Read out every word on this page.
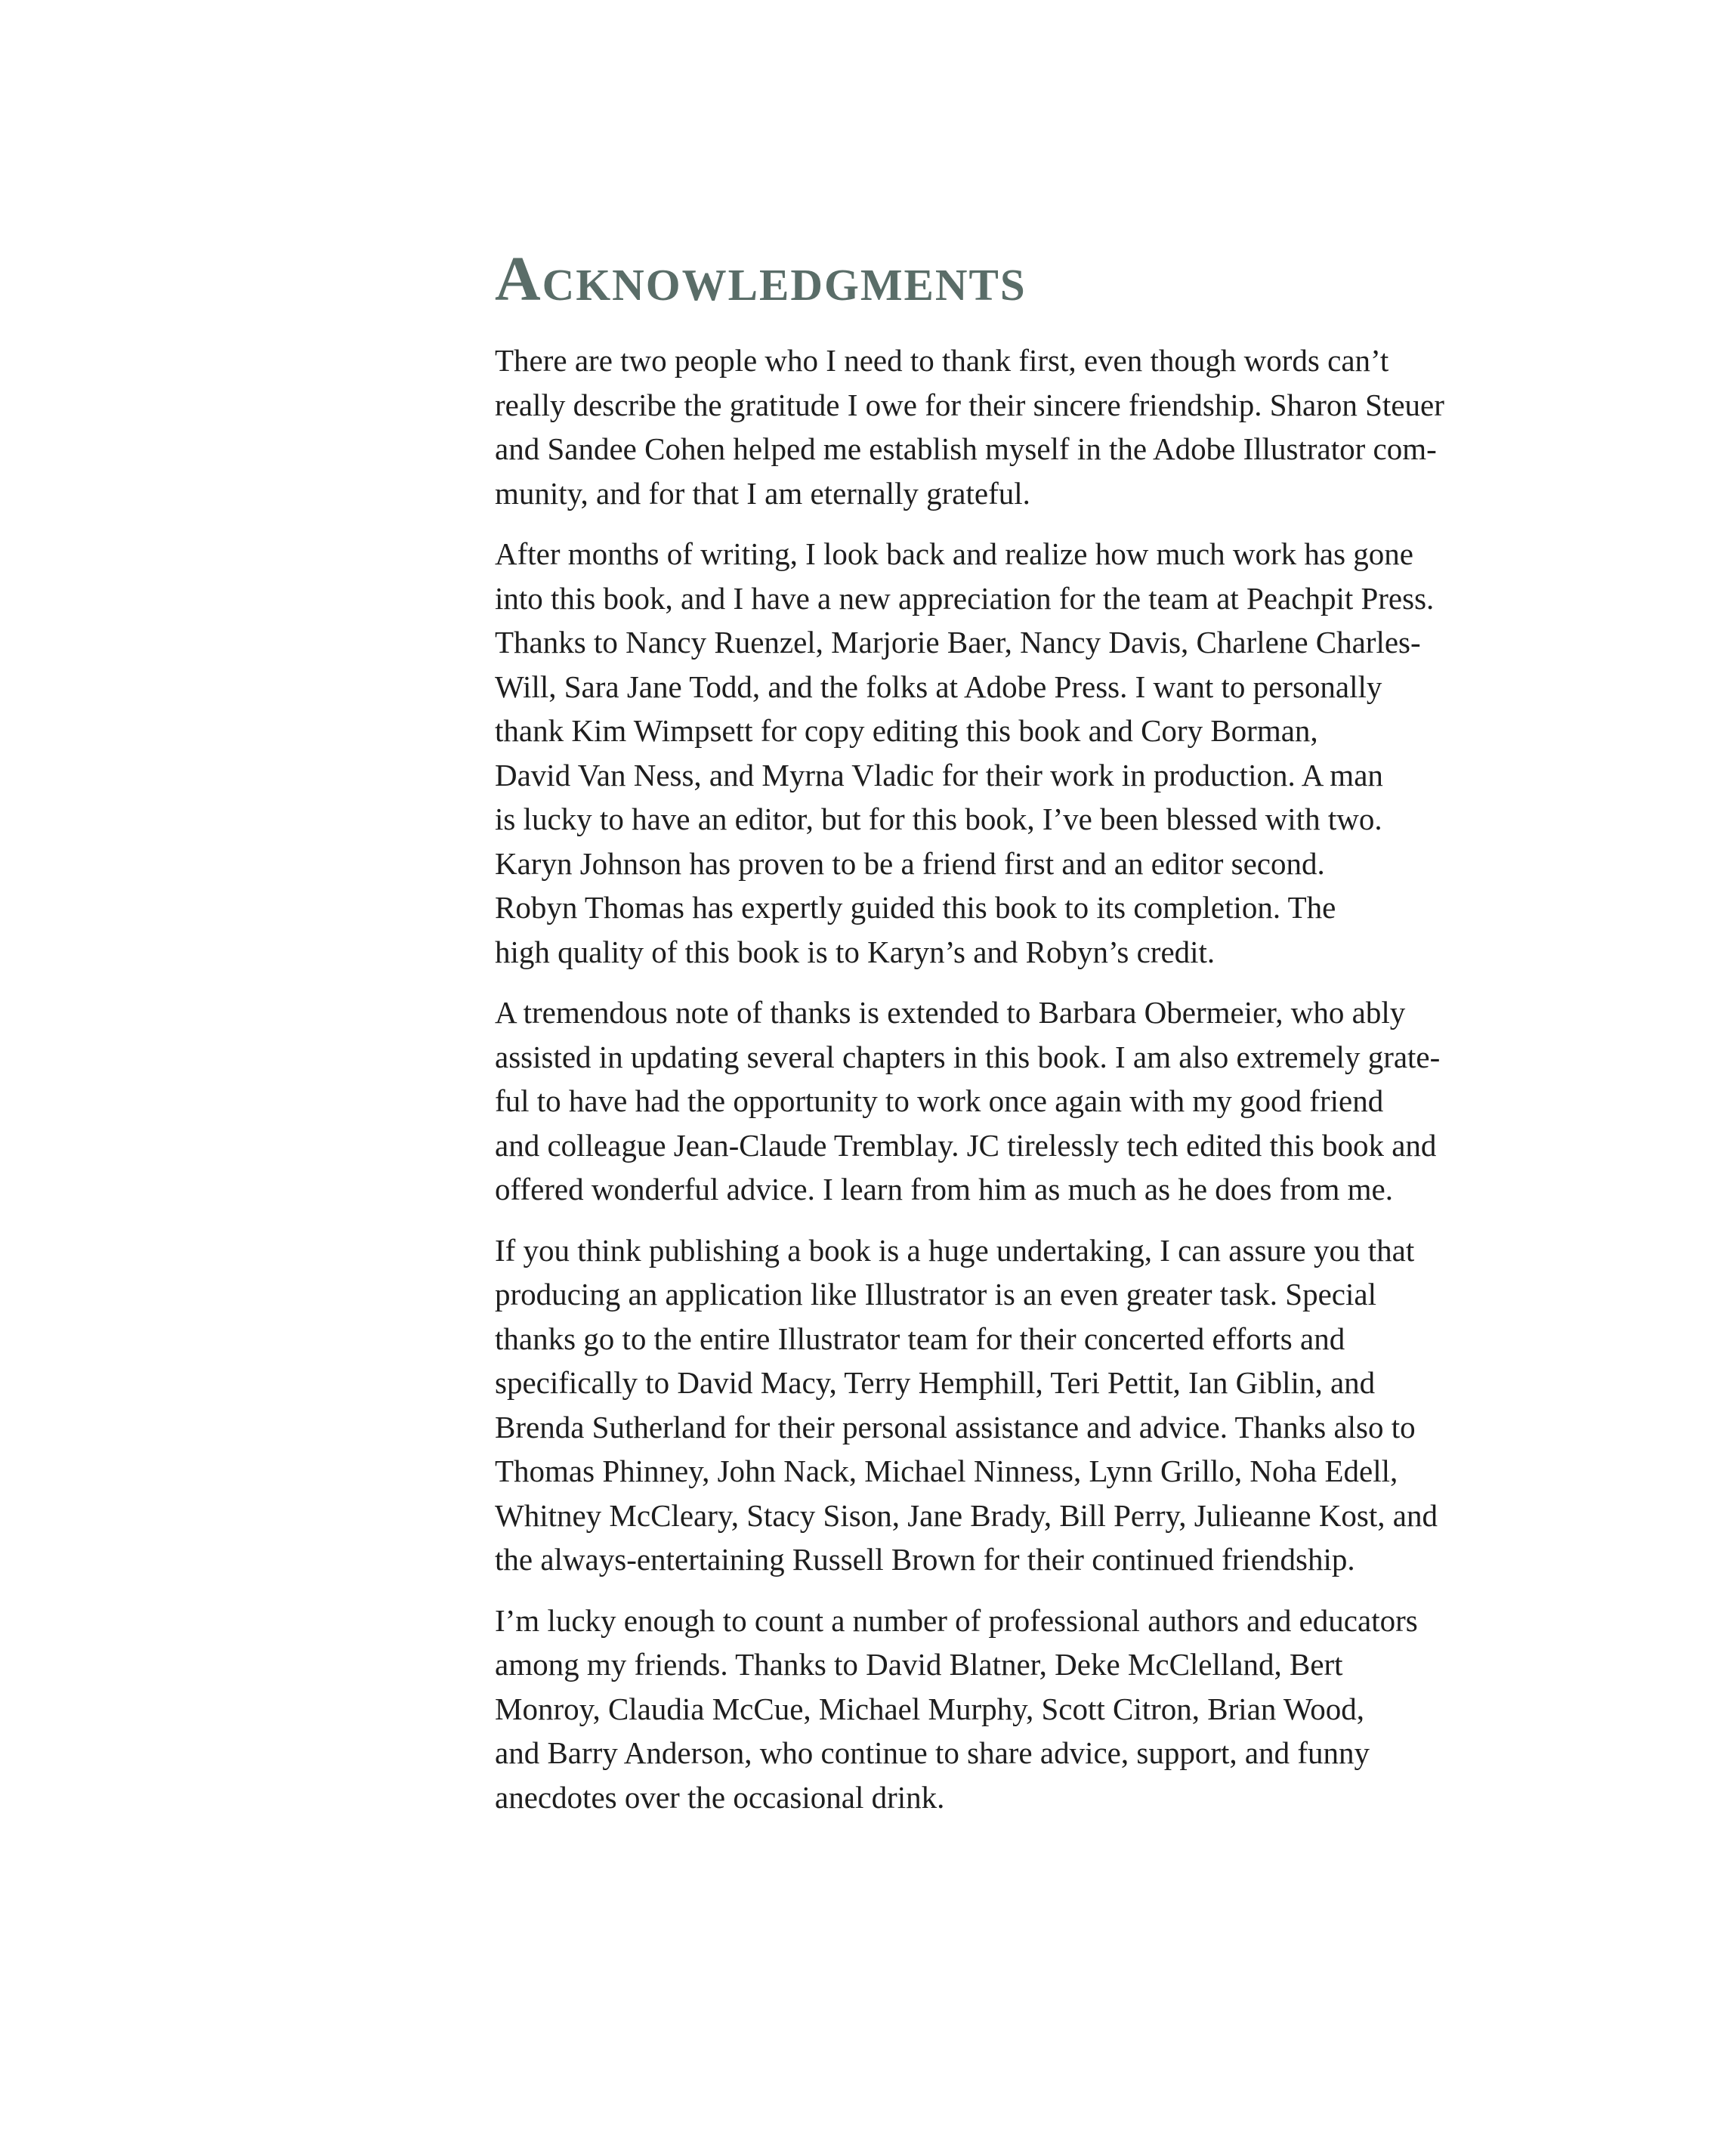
Acknowledgments

There are two people who I need to thank first, even though words can’t
really describe the gratitude I owe for their sincere friendship. Sharon Steuer
and Sandee Cohen helped me establish myself in the Adobe Illustrator com-
munity, and for that I am eternally grateful.

After months of writing, I look back and realize how much work has gone
into this book, and I have a new appreciation for the team at Peachpit Press.
Thanks to Nancy Ruenzel, Marjorie Baer, Nancy Davis, Charlene Charles-
Will, Sara Jane Todd, and the folks at Adobe Press. I want to personally
thank Kim Wimpsett for copy editing this book and Cory Borman,
David Van Ness, and Myrna Vladic for their work in production. A man
is lucky to have an editor, but for this book, I’ve been blessed with two.
Karyn Johnson has proven to be a friend first and an editor second.
Robyn Thomas has expertly guided this book to its completion. The
high quality of this book is to Karyn’s and Robyn’s credit.

A tremendous note of thanks is extended to Barbara Obermeier, who ably
assisted in updating several chapters in this book. I am also extremely grate-
ful to have had the opportunity to work once again with my good friend
and colleague Jean-Claude Tremblay. JC tirelessly tech edited this book and
offered wonderful advice. I learn from him as much as he does from me.

If you think publishing a book is a huge undertaking, I can assure you that
producing an application like Illustrator is an even greater task. Special
thanks go to the entire Illustrator team for their concerted efforts and
specifically to David Macy, Terry Hemphill, Teri Pettit, Ian Giblin, and
Brenda Sutherland for their personal assistance and advice. Thanks also to
Thomas Phinney, John Nack, Michael Ninness, Lynn Grillo, Noha Edell,
Whitney McCleary, Stacy Sison, Jane Brady, Bill Perry, Julieanne Kost, and
the always-entertaining Russell Brown for their continued friendship.

I’m lucky enough to count a number of professional authors and educators
among my friends. Thanks to David Blatner, Deke McClelland, Bert
Monroy, Claudia McCue, Michael Murphy, Scott Citron, Brian Wood,
and Barry Anderson, who continue to share advice, support, and funny
anecdotes over the occasional drink.
